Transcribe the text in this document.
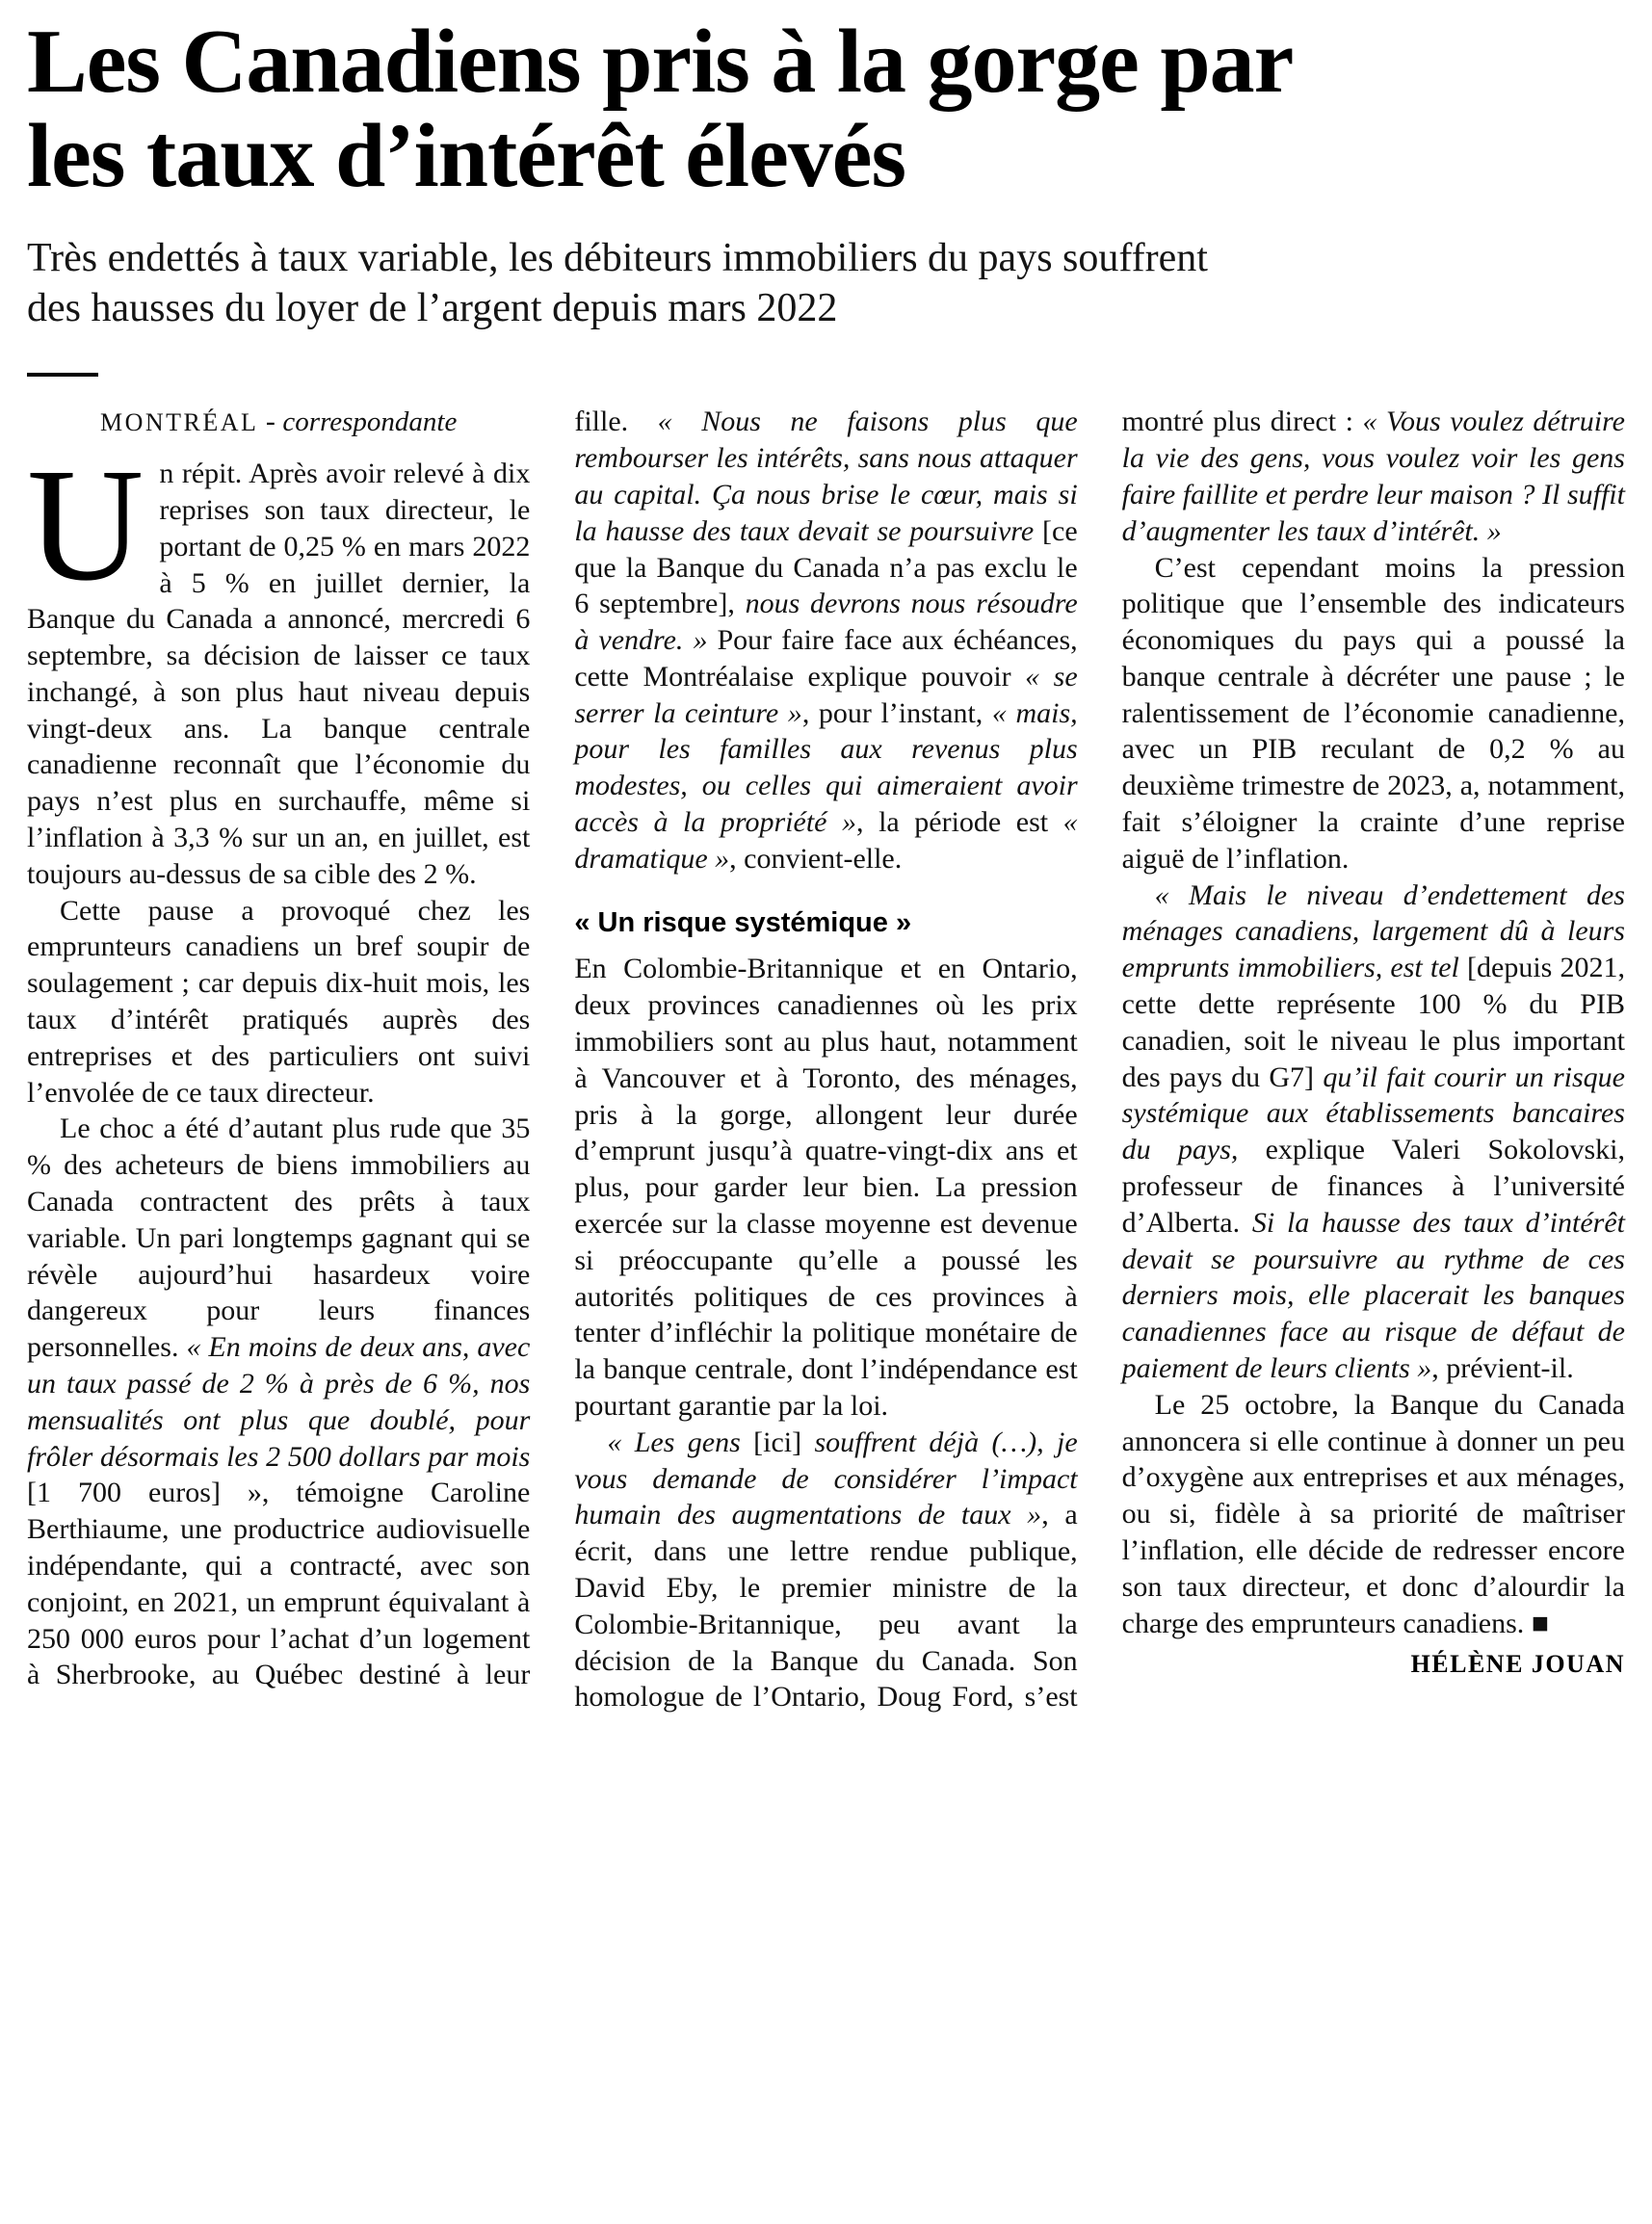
Les Canadiens pris à la gorge par les taux d’intérêt élevés

Très endettés à taux variable, les débiteurs immobiliers du pays souffrent des hausses du loyer de l’argent depuis mars 2022

MONTRÉAL - correspondante

Un répit. Après avoir relevé à dix reprises son taux directeur, le portant de 0,25 % en mars 2022 à 5 % en juillet dernier, la Banque du Canada a annoncé, mercredi 6 septembre, sa décision de laisser ce taux inchangé, à son plus haut niveau depuis vingt-deux ans. La banque centrale canadienne reconnaît que l’économie du pays n’est plus en surchauffe, même si l’inflation à 3,3 % sur un an, en juillet, est toujours au-dessus de sa cible des 2 %.

Cette pause a provoqué chez les emprunteurs canadiens un bref soupir de soulagement ; car depuis dix-huit mois, les taux d’intérêt pratiqués auprès des entreprises et des particuliers ont suivi l’envolée de ce taux directeur.

Le choc a été d’autant plus rude que 35 % des acheteurs de biens immobiliers au Canada contractent des prêts à taux variable. Un pari longtemps gagnant qui se révèle aujourd’hui hasardeux voire dangereux pour leurs finances personnelles. « En moins de deux ans, avec un taux passé de 2 % à près de 6 %, nos mensualités ont plus que doublé, pour frôler désormais les 2 500 dollars par mois [1 700 euros] », témoigne Caroline Berthiaume, une productrice audiovisuelle indépendante, qui a contracté, avec son conjoint, en 2021, un emprunt équivalant à 250 000 euros pour l’achat d’un logement à Sherbrooke, au Québec destiné à leur fille. « Nous ne faisons plus que rembourser les intérêts, sans nous attaquer au capital. Ça nous brise le cœur, mais si la hausse des taux devait se poursuivre [ce que la Banque du Canada n’a pas exclu le 6 septembre], nous devrons nous résoudre à vendre. » Pour faire face aux échéances, cette Montréalaise explique pouvoir « se serrer la ceinture », pour l’instant, « mais, pour les familles aux revenus plus modestes, ou celles qui aimeraient avoir accès à la propriété », la période est « dramatique », convient-elle.

« Un risque systémique »

En Colombie-Britannique et en Ontario, deux provinces canadiennes où les prix immobiliers sont au plus haut, notamment à Vancouver et à Toronto, des ménages, pris à la gorge, allongent leur durée d’emprunt jusqu’à quatre-vingt-dix ans et plus, pour garder leur bien. La pression exercée sur la classe moyenne est devenue si préoccupante qu’elle a poussé les autorités politiques de ces provinces à tenter d’infléchir la politique monétaire de la banque centrale, dont l’indépendance est pourtant garantie par la loi.

« Les gens [ici] souffrent déjà (…), je vous demande de considérer l’impact humain des augmentations de taux », a écrit, dans une lettre rendue publique, David Eby, le premier ministre de la Colombie-Britannique, peu avant la décision de la Banque du Canada. Son homologue de l’Ontario, Doug Ford, s’est montré plus direct : « Vous voulez détruire la vie des gens, vous voulez voir les gens faire faillite et perdre leur maison ? Il suffit d’augmenter les taux d’intérêt. »

C’est cependant moins la pression politique que l’ensemble des indicateurs économiques du pays qui a poussé la banque centrale à décréter une pause ; le ralentissement de l’économie canadienne, avec un PIB reculant de 0,2 % au deuxième trimestre de 2023, a, notamment, fait s’éloigner la crainte d’une reprise aiguë de l’inflation.

« Mais le niveau d’endettement des ménages canadiens, largement dû à leurs emprunts immobiliers, est tel [depuis 2021, cette dette représente 100 % du PIB canadien, soit le niveau le plus important des pays du G7] qu’il fait courir un risque systémique aux établissements bancaires du pays, explique Valeri Sokolovski, professeur de finances à l’université d’Alberta. Si la hausse des taux d’intérêt devait se poursuivre au rythme de ces derniers mois, elle placerait les banques canadiennes face au risque de défaut de paiement de leurs clients », prévient-il.

Le 25 octobre, la Banque du Canada annoncera si elle continue à donner un peu d’oxygène aux entreprises et aux ménages, ou si, fidèle à sa priorité de maîtriser l’inflation, elle décide de redresser encore son taux directeur, et donc d’alourdir la charge des emprunteurs canadiens. ■

HÉLÈNE JOUAN
